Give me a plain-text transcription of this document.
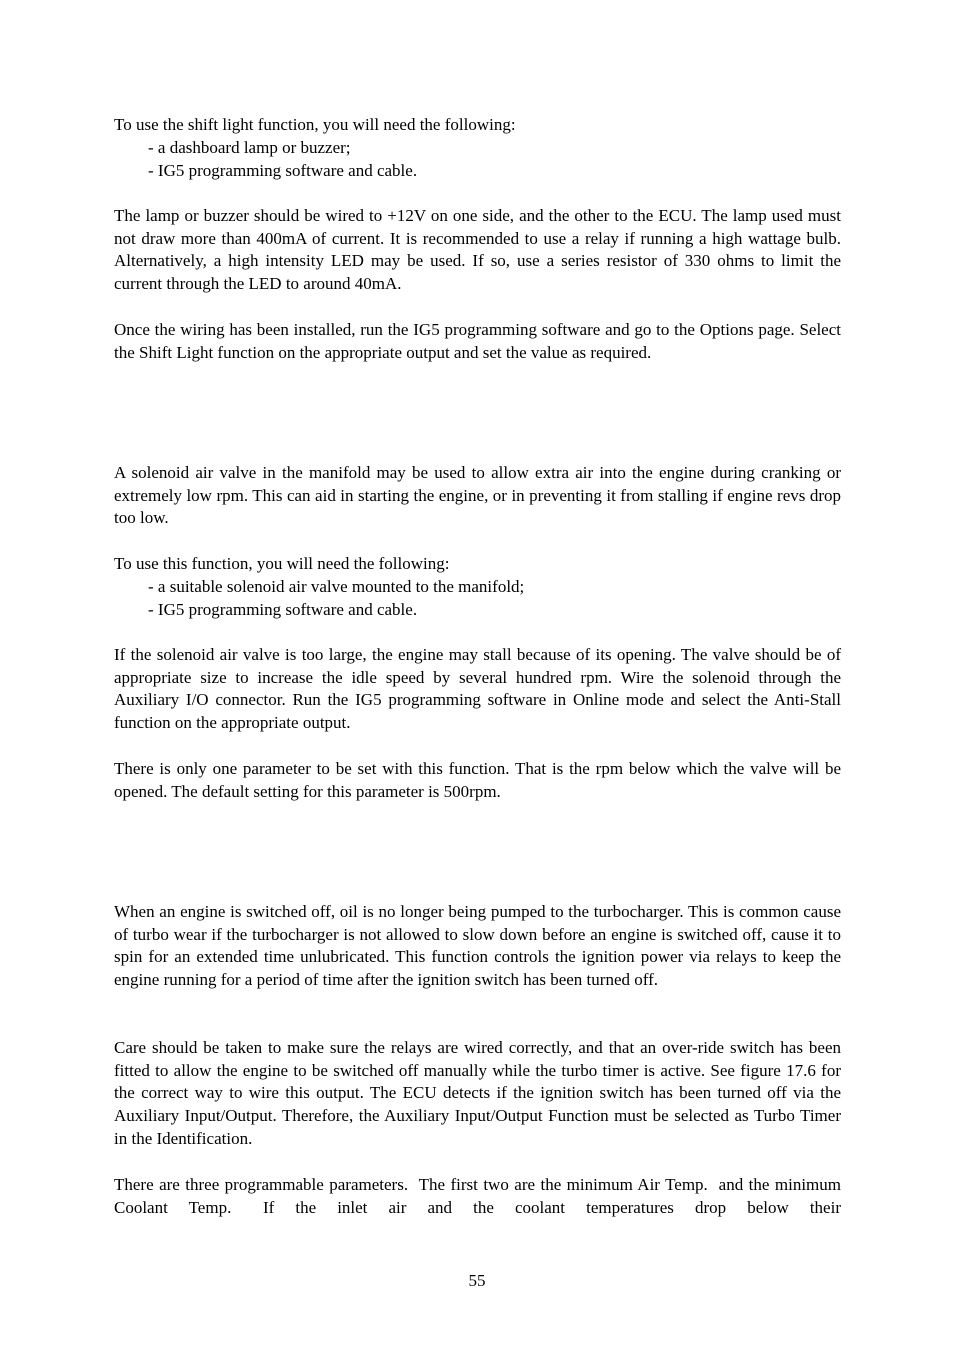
To use the shift light function, you will need the following:

- a dashboard lamp or buzzer;
- IG5 programming software and cable.

The lamp or buzzer should be wired to +12V on one side, and the other to the ECU. The lamp used must not draw more than 400mA of current. It is recommended to use a relay if running a high wattage bulb. Alternatively, a high intensity LED may be used. If so, use a series resistor of 330 ohms to limit the current through the LED to around 40mA.

Once the wiring has been installed, run the IG5 programming software and go to the Options page. Select the Shift Light function on the appropriate output and set the value as required.

A solenoid air valve in the manifold may be used to allow extra air into the engine during cranking or extremely low rpm. This can aid in starting the engine, or in preventing it from stalling if engine revs drop too low.

To use this function, you will need the following:

- a suitable solenoid air valve mounted to the manifold;
- IG5 programming software and cable.

If the solenoid air valve is too large, the engine may stall because of its opening. The valve should be of appropriate size to increase the idle speed by several hundred rpm. Wire the solenoid through the Auxiliary I/O connector. Run the IG5 programming software in Online mode and select the Anti-Stall function on the appropriate output.

There is only one parameter to be set with this function. That is the rpm below which the valve will be opened. The default setting for this parameter is 500rpm.

When an engine is switched off, oil is no longer being pumped to the turbocharger. This is common cause of turbo wear if the turbocharger is not allowed to slow down before an engine is switched off, cause it to spin for an extended time unlubricated. This function controls the ignition power via relays to keep the engine running for a period of time after the ignition switch has been turned off.

Care should be taken to make sure the relays are wired correctly, and that an over-ride switch has been fitted to allow the engine to be switched off manually while the turbo timer is active. See figure 17.6 for the correct way to wire this output. The ECU detects if the ignition switch has been turned off via the Auxiliary Input/Output. Therefore, the Auxiliary Input/Output Function must be selected as Turbo Timer in the Identification.

There are three programmable parameters.  The first two are the minimum Air Temp.  and the minimum  Coolant  Temp.   If  the  inlet  air  and  the  coolant  temperatures  drop  below  their

55
